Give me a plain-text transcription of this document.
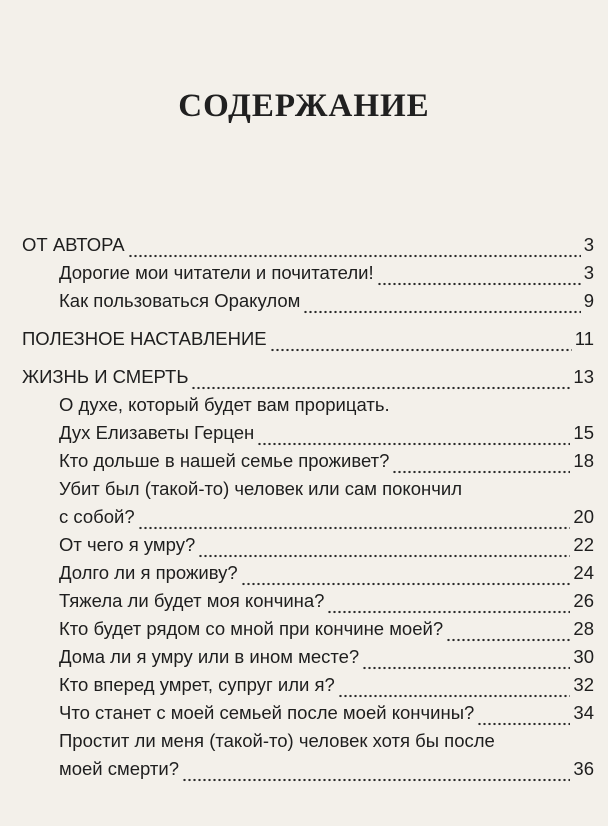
СОДЕРЖАНИЕ
ОТ АВТОРА	3
Дорогие мои читатели и почитатели!	3
Как пользоваться Оракулом	9
ПОЛЕЗНОЕ НАСТАВЛЕНИЕ	11
ЖИЗНЬ И СМЕРТЬ	13
О духе, который будет вам прорицать.
Дух Елизаветы Герцен	15
Кто дольше в нашей семье проживет?	18
Убит был (такой-то) человек или сам покончил
с собой?	20
От чего я умру?	22
Долго ли я проживу?	24
Тяжела ли будет моя кончина?	26
Кто будет рядом со мной при кончине моей?	28
Дома ли я умру или в ином месте?	30
Кто вперед умрет, супруг или я?	32
Что станет с моей семьей после моей кончины?	34
Простит ли меня (такой-то) человек хотя бы после
моей смерти?	36
